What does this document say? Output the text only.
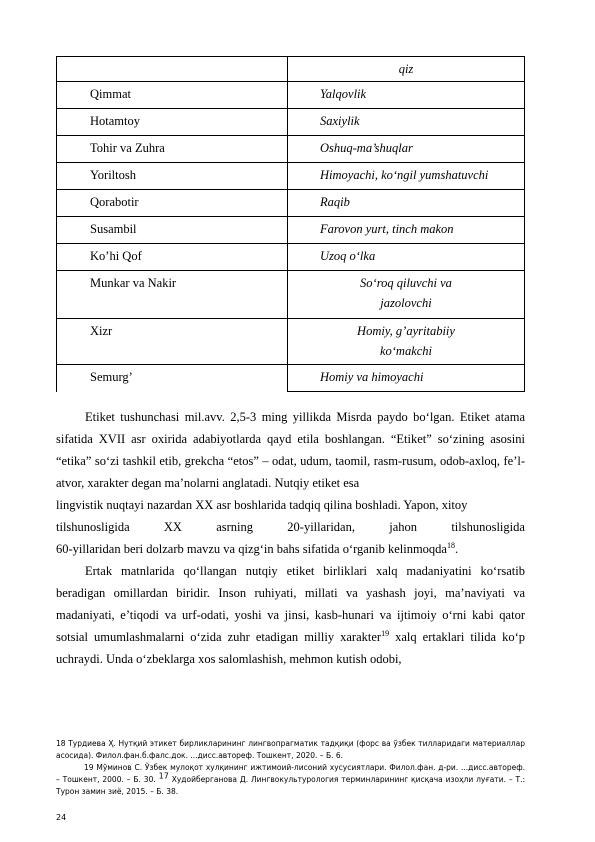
	qiz

Qimmat	Yalqovlik

Hotamtoy	Saxiylik

Tohir va Zuhra	Oshuq-ma’shuqlar

Yoriltosh	Himoyachi, ko‘ngil yumshatuvchi

Qorabotir	Raqib

Susambil	Farovon yurt, tinch makon

Ko’hi Qof	Uzoq o‘lka

Munkar va Nakir	So‘roq qiluvchi va
jazolovchi

Xizr	Homiy, g’ayritabiiy
ko‘makchi

Semurg’	Homiy va himoyachi

Etiket tushunchasi mil.avv. 2,5-3 ming yillikda Misrda paydo bo‘lgan. Etiket atama sifatida XVII asr oxirida adabiyotlarda qayd etila boshlangan. “Etiket” so‘zining asosini “etika” so‘zi tashkil etib, grekcha “etos” – odat, udum, taomil, rasm-rusum, odob-axloq, fe’l-atvor, xarakter degan ma’nolarni anglatadi. Nutqiy etiket esa

lingvistik nuqtayi nazardan XX asr boshlarida tadqiq qilina boshladi. Yapon, xitoy
tilshunosligida	XX	asrning	20-yillaridan,	jahon	tilshunosligida
60-yillaridan beri dolzarb mavzu va qizg‘in bahs sifatida o‘rganib kelinmoqda$^{18}$.

Ertak matnlarida qo‘llangan nutqiy etiket birliklari xalq madaniyatini ko‘rsatib beradigan omillardan biridir. Inson ruhiyati, millati va yashash joyi, ma’naviyati va madaniyati, e’tiqodi va urf-odati, yoshi va jinsi, kasb-hunari va ijtimoiy o‘rni kabi qator sotsial umumlashmalarni o‘zida zuhr etadigan milliy xarakter$^{19}$ xalq ertaklari tilida ko‘p uchraydi. Unda o‘zbeklarga xos salomlashish, mehmon kutish odobi,

18 Турдиева Ҳ. Нутқий этикет бирликларининг лингвопрагматик тадқиқи (форс ва ўзбек тилларидаги материаллар асосида). Филол.фан.б.фалс.док. ...дисс.автореф. Тошкент, 2020. – Б. 6.

19 Мўминов С. Ўзбек мулоқот хулқининг ижтимоий-лисоний хусусиятлари. Филол.фан. д-ри. ...дисс.автореф. – Тошкент, 2000. – Б. 30. $^{17}$ Худойберганова Д. Лингвокультурология терминларининг қисқача изоҳли луғати. – Т.: Турон замин зиё, 2015. – Б. 38.

24
